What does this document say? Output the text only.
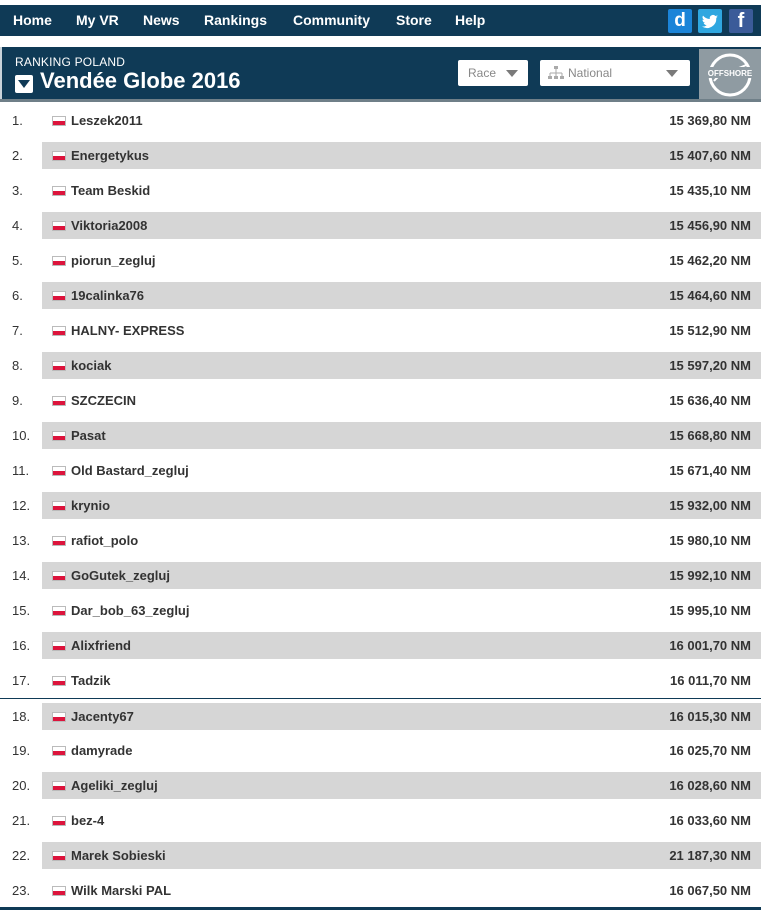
d	f
Home My VR News Rankings Community Store Help
RANKING POLAND
Vendée Globe 2016	Race	National	OFFSHORE
1.	Leszek2011	15 369,80 NM
2.	Energetykus	15 407,60 NM
3.	Team Beskid	15 435,10 NM
4.	Viktoria2008	15 456,90 NM
5.	piorun_zegluj	15 462,20 NM
6.	19calinka76	15 464,60 NM
7.	HALNY- EXPRESS	15 512,90 NM
8.	kociak	15 597,20 NM
9.	SZCZECIN	15 636,40 NM
10.	Pasat	15 668,80 NM
11.	Old Bastard_zegluj	15 671,40 NM
12.	krynio	15 932,00 NM
13.	rafiot_polo	15 980,10 NM
14.	GoGutek_zegluj	15 992,10 NM
15.	Dar_bob_63_zegluj	15 995,10 NM
16.	Alixfriend	16 001,70 NM
17.	Tadzik	16 011,70 NM
18.	Jacenty67	16 015,30 NM
19.	damyrade	16 025,70 NM
20.	Ageliki_zegluj	16 028,60 NM
21.	bez-4	16 033,60 NM
22.	Marek Sobieski	21 187,30 NM
23.	Wilk Marski PAL	16 067,50 NM
